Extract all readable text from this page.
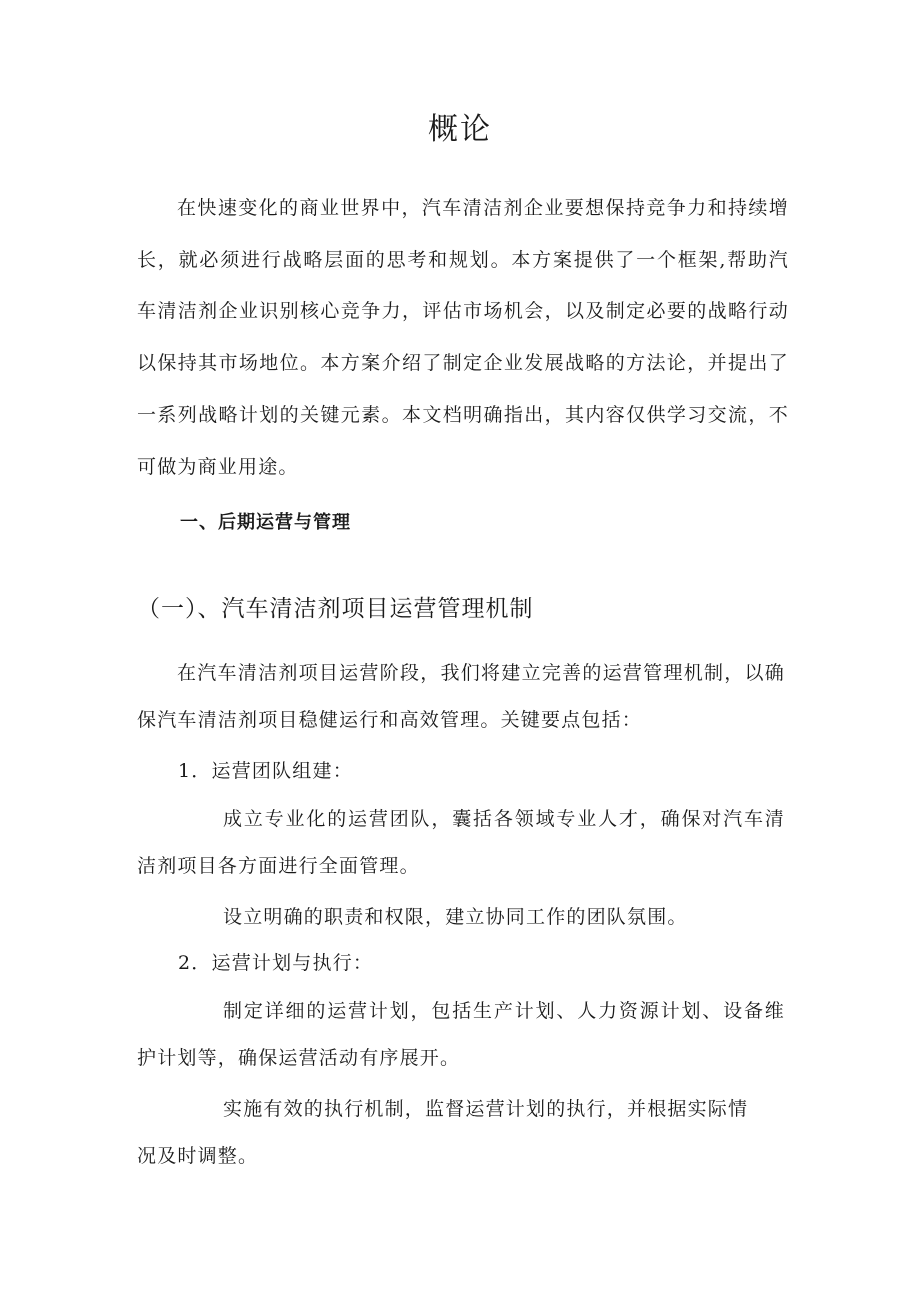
概论

在快速变化的商业世界中，汽车清洁剂企业要想保持竞争力和持续增长，就必须进行战略层面的思考和规划。本方案提供了一个框架,帮助汽车清洁剂企业识别核心竞争力，评估市场机会，以及制定必要的战略行动以保持其市场地位。本方案介绍了制定企业发展战略的方法论，并提出了一系列战略计划的关键元素。本文档明确指出，其内容仅供学习交流，不可做为商业用途。

一、后期运营与管理
（一）、汽车清洁剂项目运营管理机制

在汽车清洁剂项目运营阶段，我们将建立完善的运营管理机制，以确保汽车清洁剂项目稳健运行和高效管理。关键要点包括：

1．运营团队组建：

成立专业化的运营团队，囊括各领域专业人才，确保对汽车清洁剂项目各方面进行全面管理。

设立明确的职责和权限，建立协同工作的团队氛围。

2．运营计划与执行：

制定详细的运营计划，包括生产计划、人力资源计划、设备维护计划等，确保运营活动有序展开。

实施有效的执行机制，监督运营计划的执行，并根据实际情

况及时调整。
